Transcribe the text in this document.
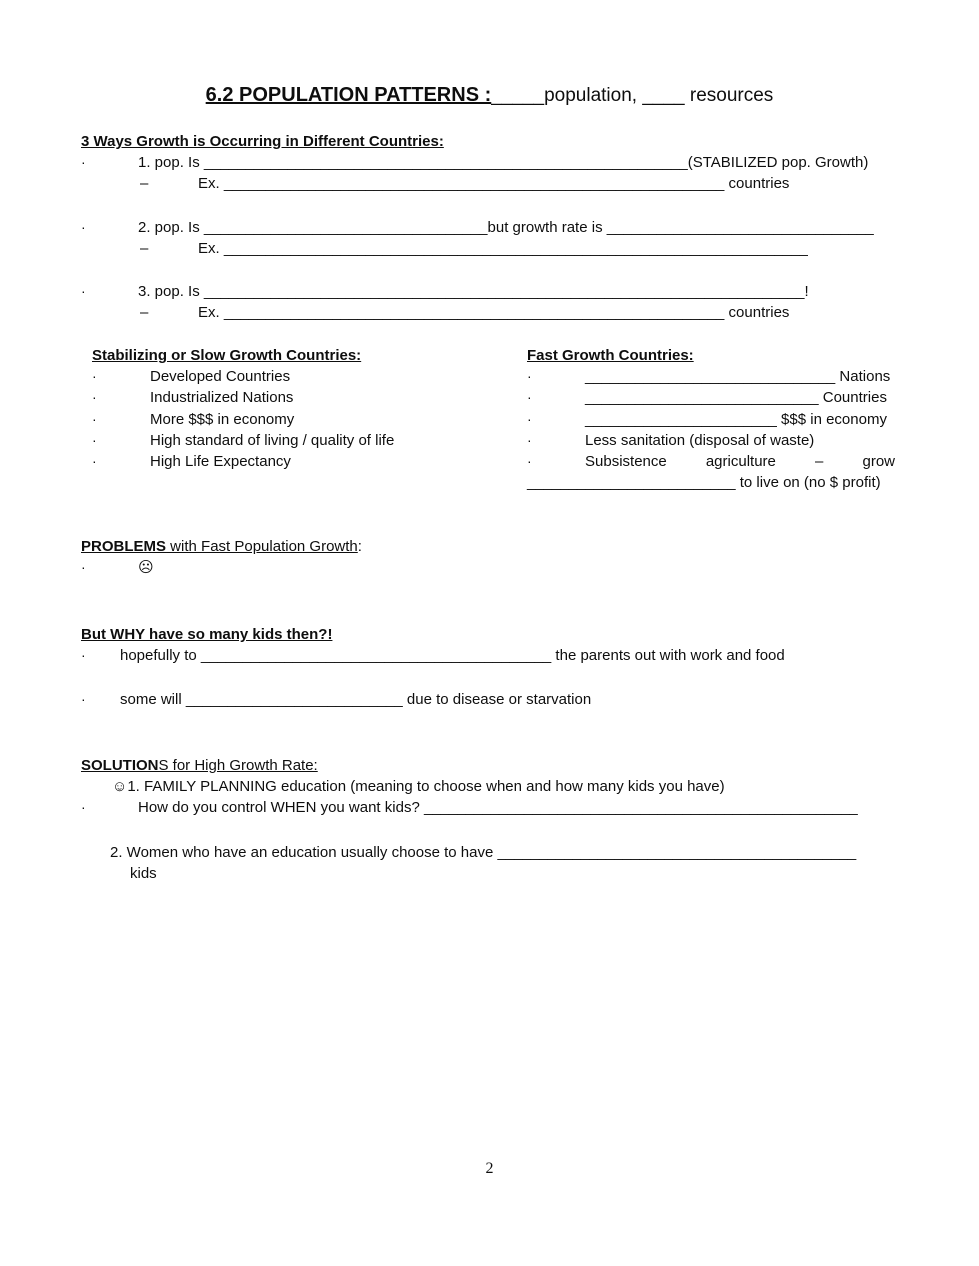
6.2 POPULATION PATTERNS :_____population, ____ resources
3 Ways Growth is Occurring in Different Countries:
·	1. pop. Is __________________________________________________________(STABILIZED pop. Growth)
–	Ex. ____________________________________________________________ countries
·	2. pop. Is __________________________________but growth rate is ________________________________
–	Ex. ______________________________________________________________________
·	3. pop. Is ________________________________________________________________________!
–	Ex. ____________________________________________________________ countries
Stabilizing or Slow Growth Countries:
·	Developed Countries
·	Industrialized Nations
·	More $$$ in economy
·	High standard of living / quality of life
·	High Life Expectancy
Fast Growth Countries:
·	______________________________ Nations
·	____________________________ Countries
·	_______________________ $$$ in economy
·	Less sanitation (disposal of waste)
·	Subsistence	agriculture	–	grow
_________________________ to live on (no $ profit)
PROBLEMS with Fast Population Growth:
·	☹
But WHY have so many kids then?!
·	hopefully to __________________________________________ the parents out with work and food
·	some will __________________________ due to disease or starvation
SOLUTIONS for High Growth Rate:
☺1. FAMILY PLANNING education (meaning to choose when and how many kids you have)
·	How do you control WHEN you want kids? ____________________________________________________
2. Women who have an education usually choose to have ___________________________________________
kids
2
